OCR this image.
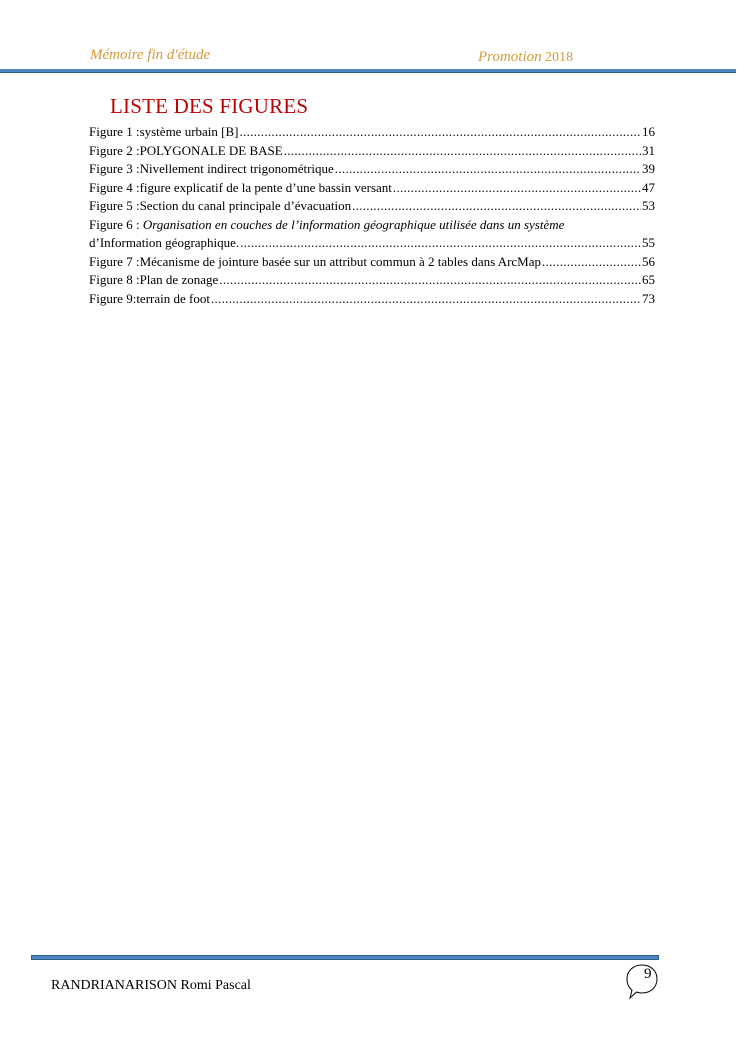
Mémoire fin d'étude	Promotion 2018
LISTE DES FIGURES
Figure 1 : système urbain [B] .....	16
Figure 2 : POLYGONALE DE BASE .....	31
Figure 3 : Nivellement indirect trigonométrique .....	39
Figure 4 : figure explicatif de la pente d’une bassin versant .....	47
Figure 5 : Section du canal principale d’évacuation .....	53
Figure 6 : Organisation en couches de l’information géographique utilisée dans un système
d’Information géographique. .....	55
Figure 7 : Mécanisme de jointure basée sur un attribut commun à 2 tables dans ArcMap .....	56
Figure 8 : Plan de zonage .....	65
Figure 9: terrain de foot .....	73
RANDRIANARISON Romi Pascal
9
